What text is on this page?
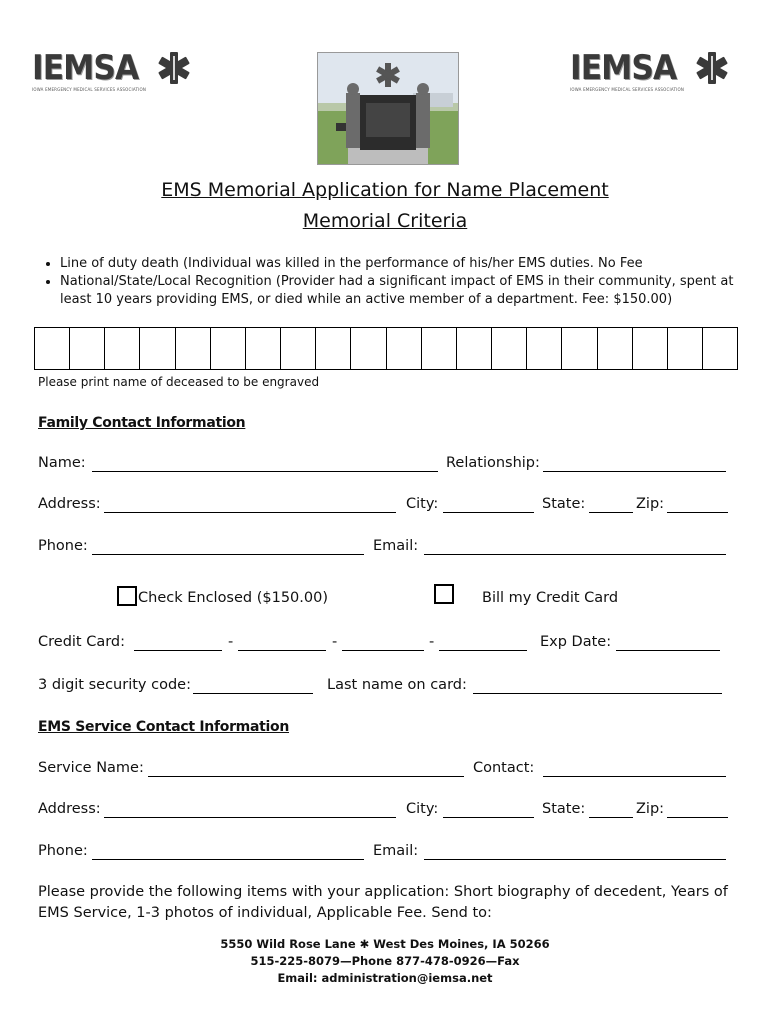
IEMSA
IOWA EMERGENCY MEDICAL SERVICES ASSOCIATION
IEMSA
IOWA EMERGENCY MEDICAL SERVICES ASSOCIATION
EMS Memorial Application for Name Placement
Memorial Criteria
• Line of duty death (Individual was killed in the performance of his/her EMS duties. No Fee
• National/State/Local Recognition (Provider had a significant impact of EMS in their community, spent at least 10 years providing EMS, or died while an active member of a department. Fee: $150.00)
Please print name of deceased to be engraved
Family Contact Information
Name:	Relationship:
Address:	City:	State:	Zip:
Phone:	Email:
Check Enclosed ($150.00)	Bill my Credit Card
Credit Card:	-	-	-	Exp Date:
3 digit security code:	Last name on card:
EMS Service Contact Information
Service Name:	Contact:
Address:	City:	State:	Zip:
Phone:	Email:
Please provide the following items with your application: Short biography of decedent, Years of EMS Service, 1-3 photos of individual, Applicable Fee. Send to:
5550 Wild Rose Lane ✱ West Des Moines, IA 50266
515-225-8079—Phone 877-478-0926—Fax
Email: administration@iemsa.net
